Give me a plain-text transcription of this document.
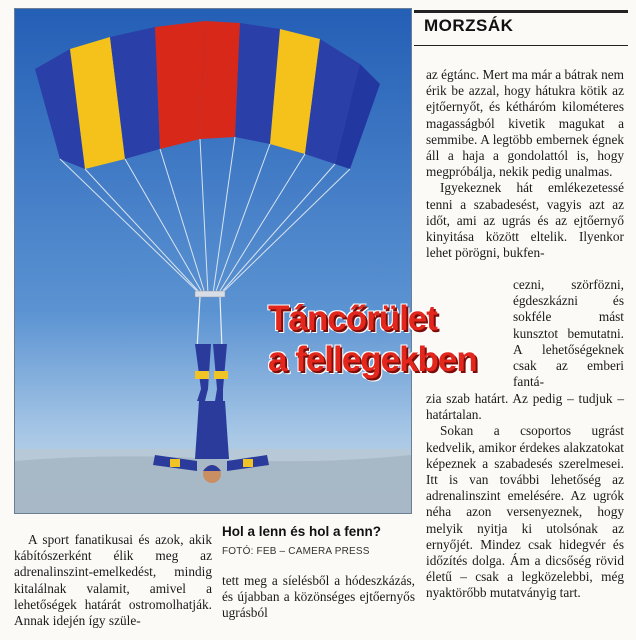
Táncőrület
a fellegekben
MORZSÁK

az égtánc. Mert ma már a bátrak nem érik be azzal, hogy hátukra kötik az ejtőernyőt, és kétháróm kilométeres magasságból kivetik magukat a semmibe. A legtöbb embernek égnek áll a haja a gondolattól is, hogy megpróbálja, nekik pedig unalmas.

Igyekeznek hát emlékezetessé tenni a szabadesést, vagyis azt az időt, ami az ugrás és az ejtőernyő kinyitása között eltelik. Ilyenkor lehet pörögni, bukfen-

cezni, szörfözni, égdeszkázni és sokféle mást kunsztot bemutatni. A lehetőségeknek csak az emberi fantá-

zia szab határt. Az pedig – tudjuk – határtalan.

Sokan a csoportos ugrást kedvelik, amikor érdekes alakzatokat képeznek a szabadesés szerelmesei. Itt is van további lehetőség az adrenalinszint emelésére. Az ugrók néha azon versenyeznek, hogy melyik nyitja ki utolsónak az ernyőjét. Mindez csak hidegvér és időzítés dolga. Ám a dicsőség rövid életű – csak a legközelebbi, még nyaktörőbb mutatványig tart.

A sport fanatikusai és azok, akik kábítószerként élik meg az adrenalinszint-emelkedést, mindig kitalálnak valamit, amivel a lehetőségek határát ostromolhatják. Annak idején így szüle-

Hol a lenn és hol a fenn?
FOTÓ: FEB – CAMERA PRESS

tett meg a síelésből a hódeszkázás, és újabban a közönséges ejtőernyős ugrásból
